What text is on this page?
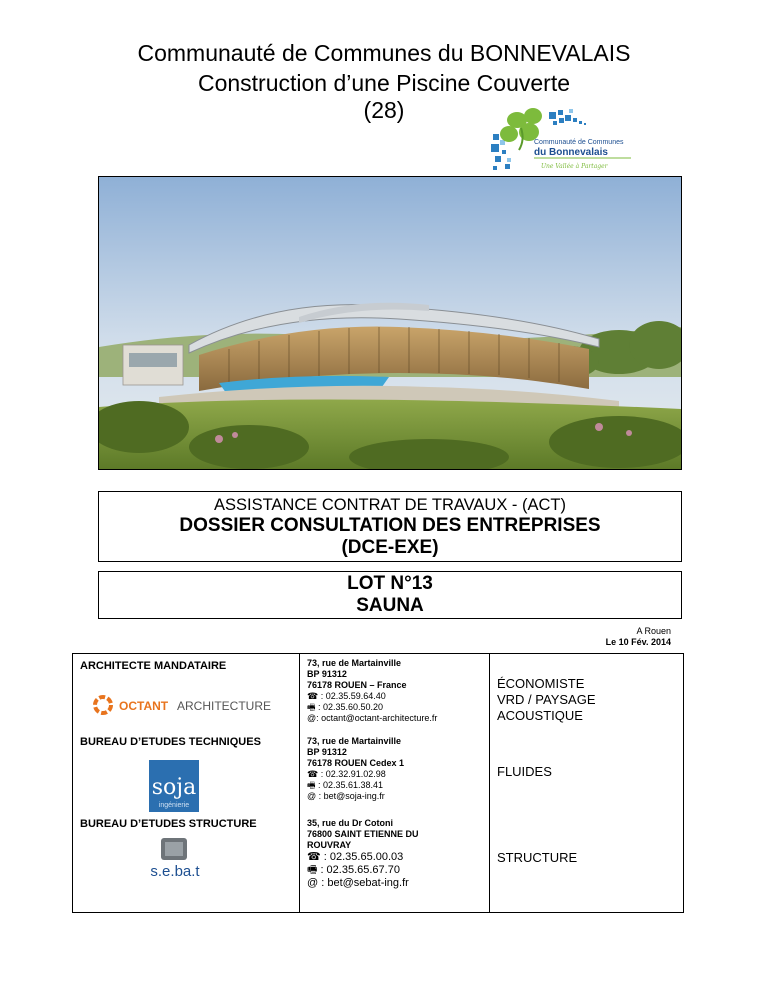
Communauté de Communes du BONNEVALAIS
Construction d’une Piscine Couverte
(28)
Communauté de Communes
du Bonnevalais
Une Vallée à Partager
ASSISTANCE CONTRAT DE TRAVAUX - (ACT)
DOSSIER CONSULTATION DES ENTREPRISES
(DCE-EXE)
LOT N°13
SAUNA
A Rouen
Le 10 Fév. 2014
ARCHITECTE MANDATAIRE
OCTANT ARCHITECTURE
73, rue de Martainville
BP 91312
76178 ROUEN – France
☎ : 02.35.59.64.40
🖷 : 02.35.60.50.20
@: octant@octant-architecture.fr
ÉCONOMISTE
VRD / PAYSAGE
ACOUSTIQUE
BUREAU D’ETUDES TECHNIQUES
soja
ingénierie
73, rue de Martainville
BP 91312
76178 ROUEN Cedex 1
☎ : 02.32.91.02.98
🖷 : 02.35.61.38.41
@ : bet@soja-ing.fr
FLUIDES
BUREAU D’ETUDES STRUCTURE
s.e.ba.t
35, rue du Dr Cotoni
76800 SAINT ETIENNE DU
ROUVRAY
☎ : 02.35.65.00.03
🖷 : 02.35.65.67.70
@ : bet@sebat-ing.fr
STRUCTURE
